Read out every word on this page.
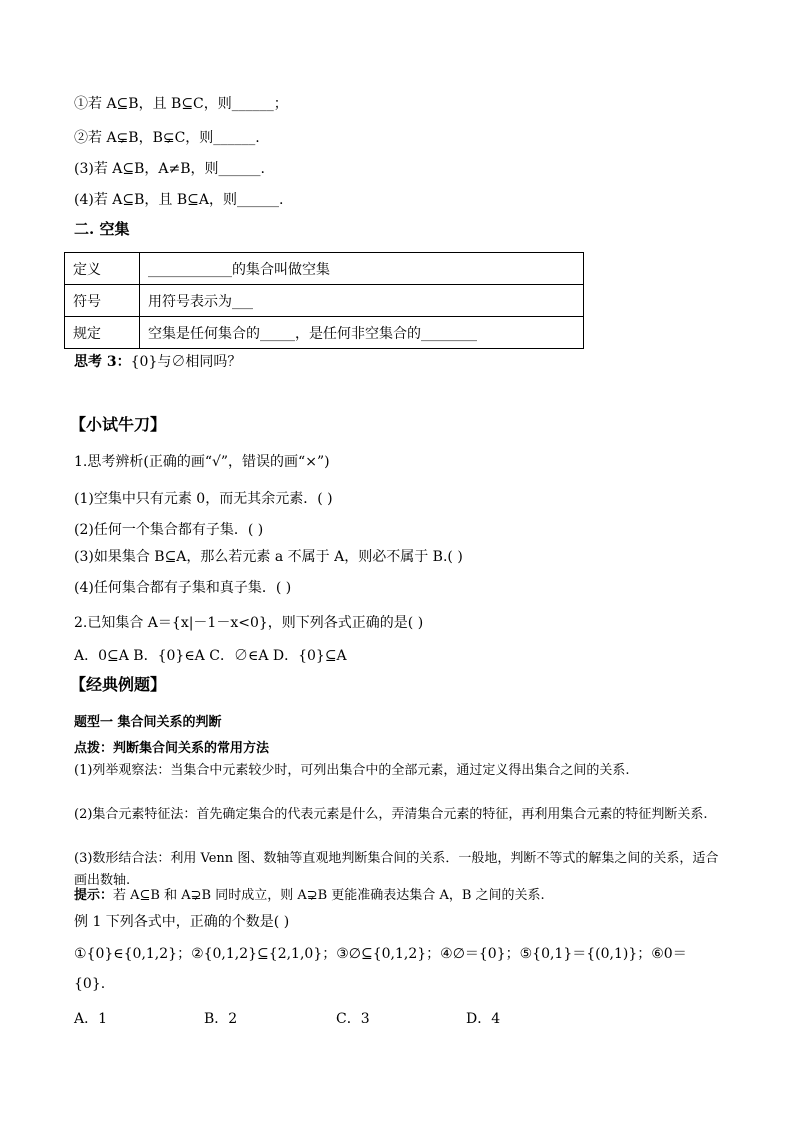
①若 A⊆B，且 B⊆C，则______；
②若 A⊊B，B⊊C，则______.
(3)若 A⊆B，A≠B，则______.
(4)若 A⊆B，且 B⊆A，则______.
二. 空集
定义	____________的集合叫做空集
符号	用符号表示为___
规定	空集是任何集合的_____，是任何非空集合的________
思考 3：{0}与∅相同吗？
【小试牛刀】
1.思考辨析(正确的画“√”，错误的画“×”)
(1)空集中只有元素 0，而无其余元素．( )
(2)任何一个集合都有子集．( )
(3)如果集合 B⊆A，那么若元素 a 不属于 A，则必不属于 B.( )
(4)任何集合都有子集和真子集．( )
2.已知集合 A＝{x|－1－x<0}，则下列各式正确的是( )
A．0⊆A B．{0}∈A C．∅∈A D．{0}⊆A
【经典例题】
题型一 集合间关系的判断
点拨：判断集合间关系的常用方法
(1)列举观察法：当集合中元素较少时，可列出集合中的全部元素，通过定义得出集合之间的关系.
(2)集合元素特征法：首先确定集合的代表元素是什么，弄清集合元素的特征，再利用集合元素的特征判断关系.
(3)数形结合法：利用 Venn 图、数轴等直观地判断集合间的关系．一般地，判断不等式的解集之间的关系，适合画出数轴.
提示：若 A⊆B 和 A⊋B 同时成立，则 A⊋B 更能准确表达集合 A，B 之间的关系.
例 1 下列各式中，正确的个数是( )
①{0}∈{0,1,2}；②{0,1,2}⊆{2,1,0}；③∅⊆{0,1,2}；④∅＝{0}；⑤{0,1}＝{(0,1)}；⑥0＝
{0}.
A．1	B．2	C．3	D．4
